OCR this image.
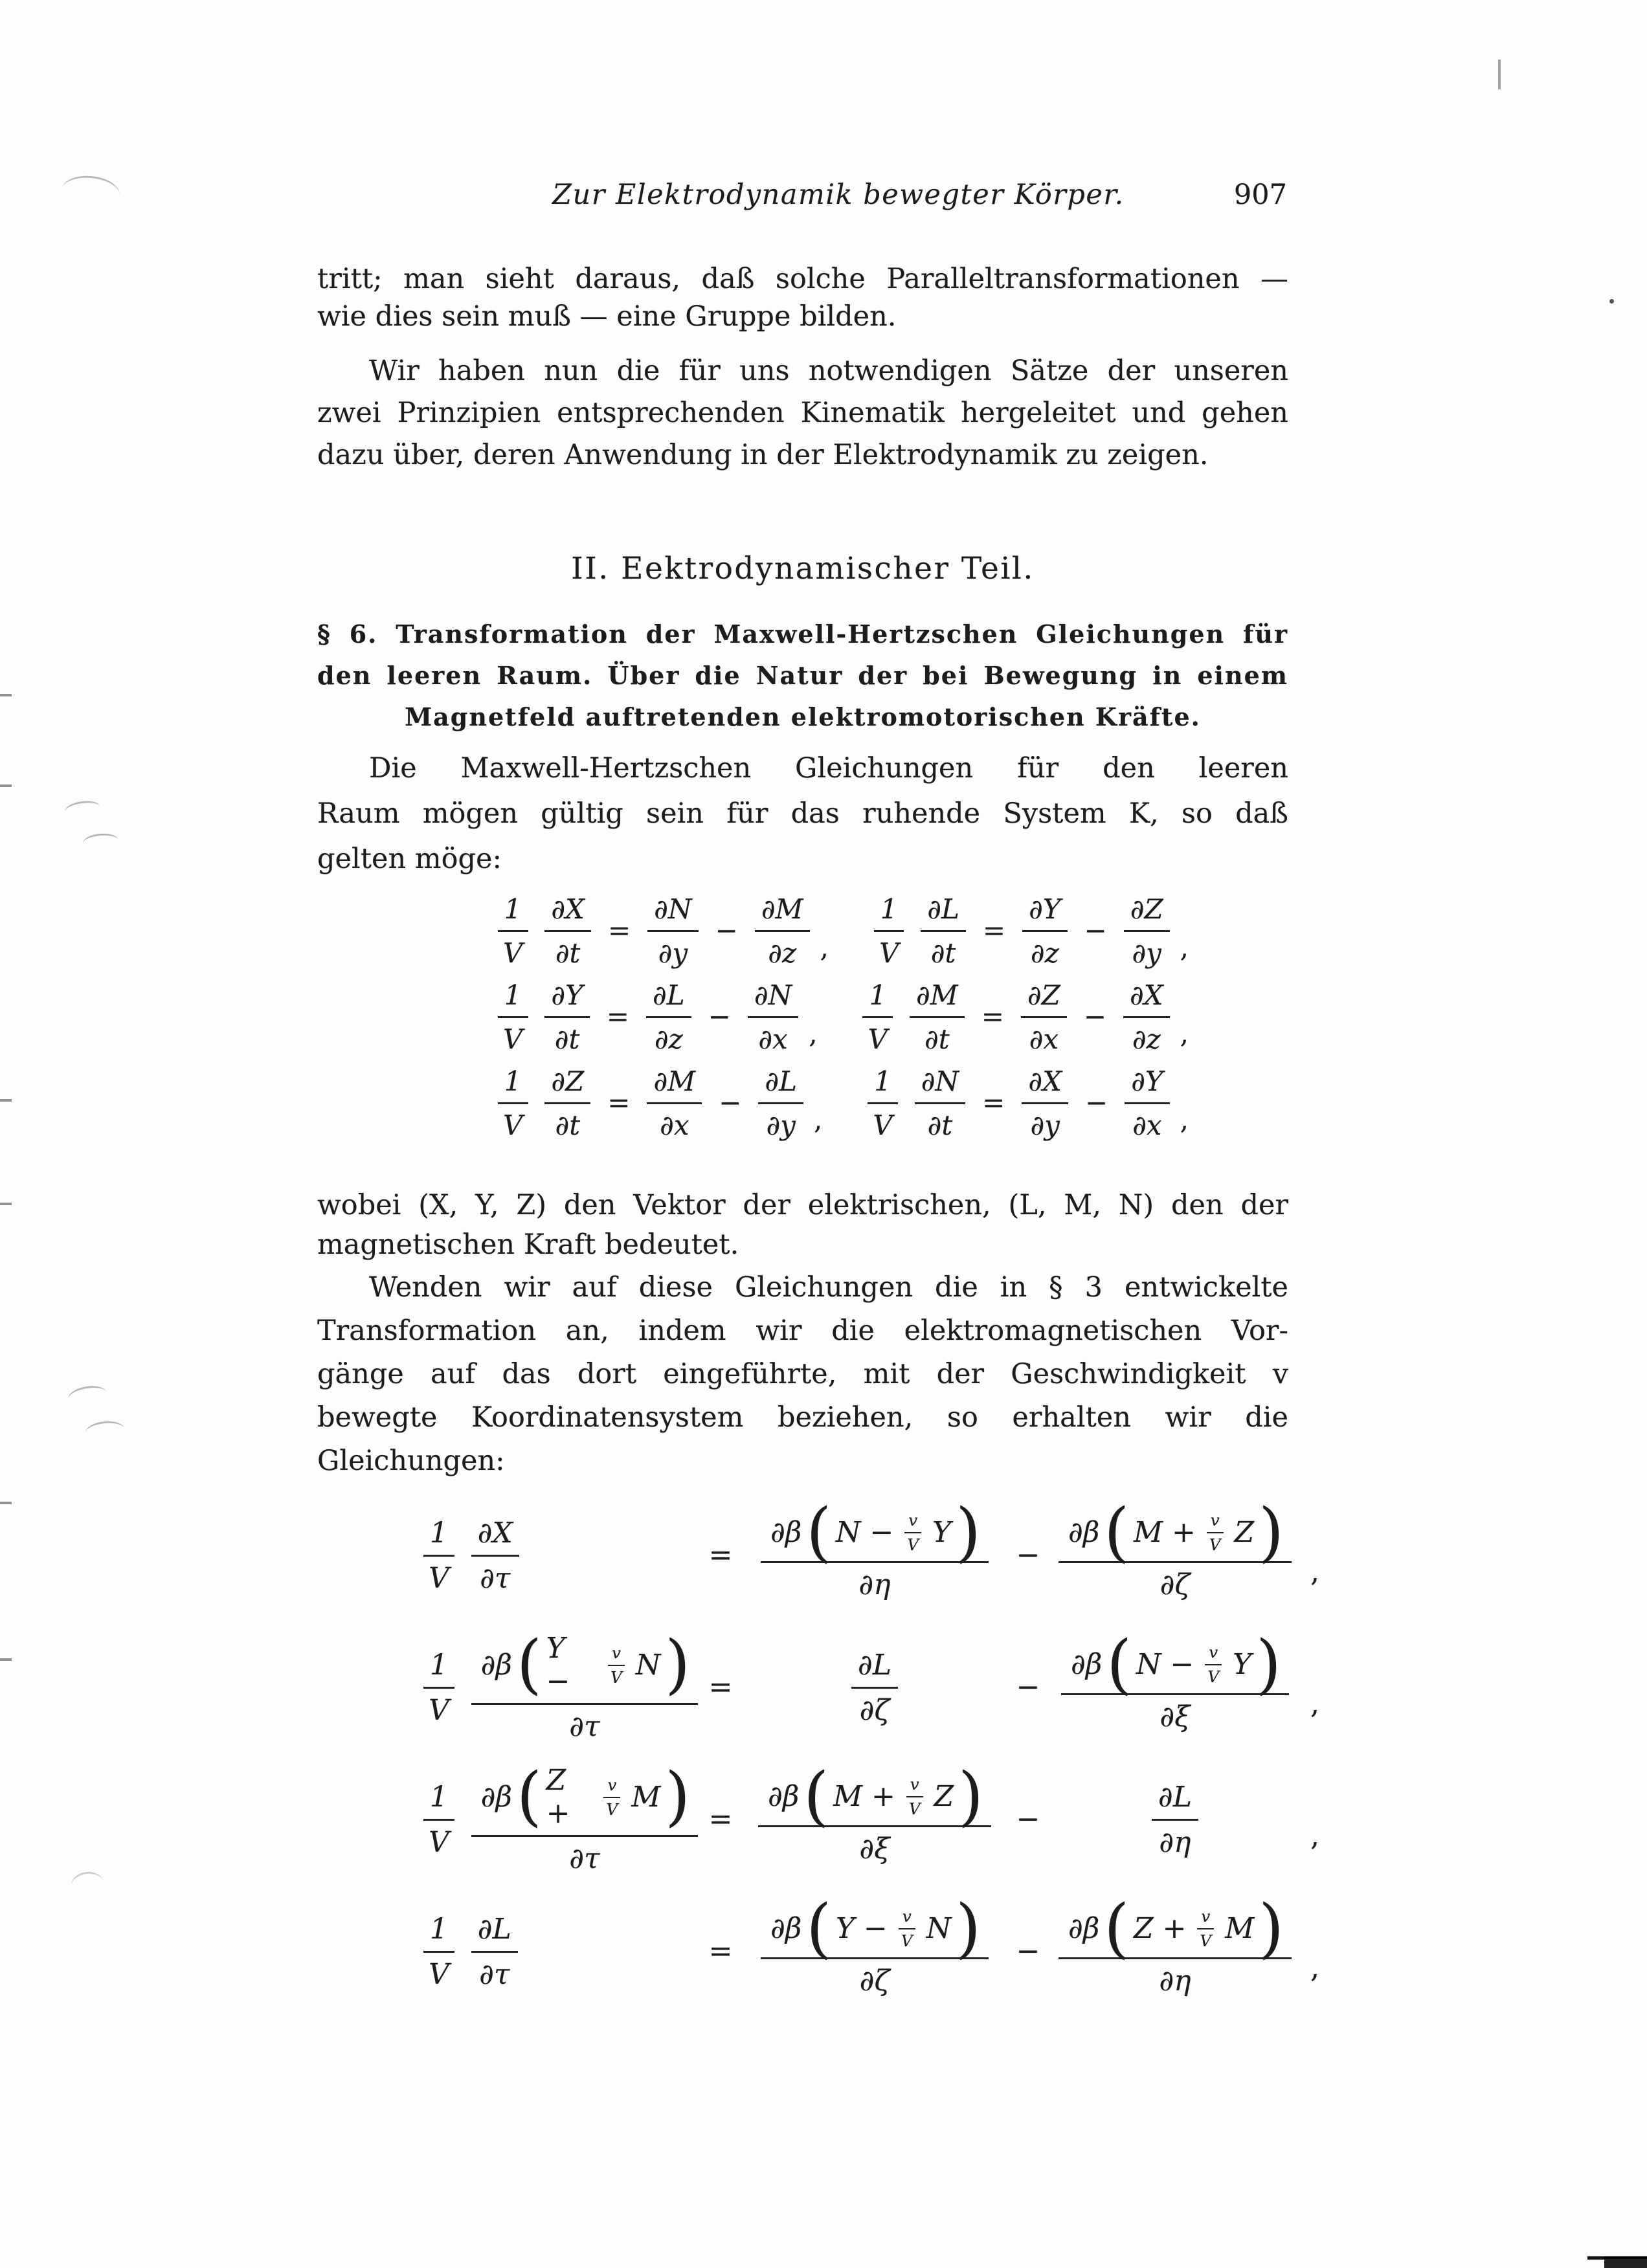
Zur Elektrodynamik bewegter Körper.	907
tritt; man sieht daraus, daß solche Paralleltransformationen —
wie dies sein muß — eine Gruppe bilden.
Wir haben nun die für uns notwendigen Sätze der unseren
zwei Prinzipien entsprechenden Kinematik hergeleitet und gehen
dazu über, deren Anwendung in der Elektrodynamik zu zeigen.
II. Eektrodynamischer Teil.
§ 6. Transformation der Maxwell-Hertzschen Gleichungen für
den leeren Raum. Über die Natur der bei Bewegung in einem
Magnetfeld auftretenden elektromotorischen Kräfte.
Die Maxwell-Hertzschen Gleichungen für den leeren
Raum mögen gültig sein für das ruhende System K, so daß
gelten möge:
$\frac{1}{V} \frac{\partial X}{\partial t} = \frac{\partial N}{\partial y} - \frac{\partial M}{\partial z}$ , $\frac{1}{V} \frac{\partial L}{\partial t} = \frac{\partial Y}{\partial z} - \frac{\partial Z}{\partial y}$ ,
$\frac{1}{V} \frac{\partial Y}{\partial t} = \frac{\partial L}{\partial z} - \frac{\partial N}{\partial x}$ , $\frac{1}{V} \frac{\partial M}{\partial t} = \frac{\partial Z}{\partial x} - \frac{\partial X}{\partial z}$ ,
$\frac{1}{V} \frac{\partial Z}{\partial t} = \frac{\partial M}{\partial x} - \frac{\partial L}{\partial y}$ , $\frac{1}{V} \frac{\partial N}{\partial t} = \frac{\partial X}{\partial y} - \frac{\partial Y}{\partial x}$ ,
wobei (X, Y, Z) den Vektor der elektrischen, (L, M, N) den der
magnetischen Kraft bedeutet.
Wenden wir auf diese Gleichungen die in § 3 entwickelte
Transformation an, indem wir die elektromagnetischen Vor-
gänge auf das dort eingeführte, mit der Geschwindigkeit v
bewegte Koordinatensystem beziehen, so erhalten wir die
Gleichungen:
$\frac{1}{V} \frac{\partial X}{\partial\tau}$	= $\frac{\partial\beta ( N - \frac{v}{V} Y )}{\partial\eta} - \frac{\partial\beta ( M + \frac{v}{V} Z )}{\partial\zeta}$ ,
$\frac{1}{V} \partial\beta$ ( Y −	$\frac{v}{V}$ N )
∂τ =	$\frac{\partial L}{\partial\zeta}$	− $\frac{\partial\beta ( N - \frac{v}{V} Y )}{\partial\xi}$ ,
$\frac{1}{V} \partial\beta$ ( Z +	$\frac{v}{V}$ M )
$\partial\tau = \frac{\partial\beta ( M + \frac{v}{V} Z )}{\partial\xi}$ −	$\frac{\partial L}{\partial\eta}$	,
$\frac{1}{V} \frac{\partial L}{\partial\tau}$	= $\frac{\partial\beta ( Y - \frac{v}{V} N )}{\partial\zeta} - \frac{\partial\beta ( Z + \frac{v}{V} M )}{\partial\eta}$ ,
